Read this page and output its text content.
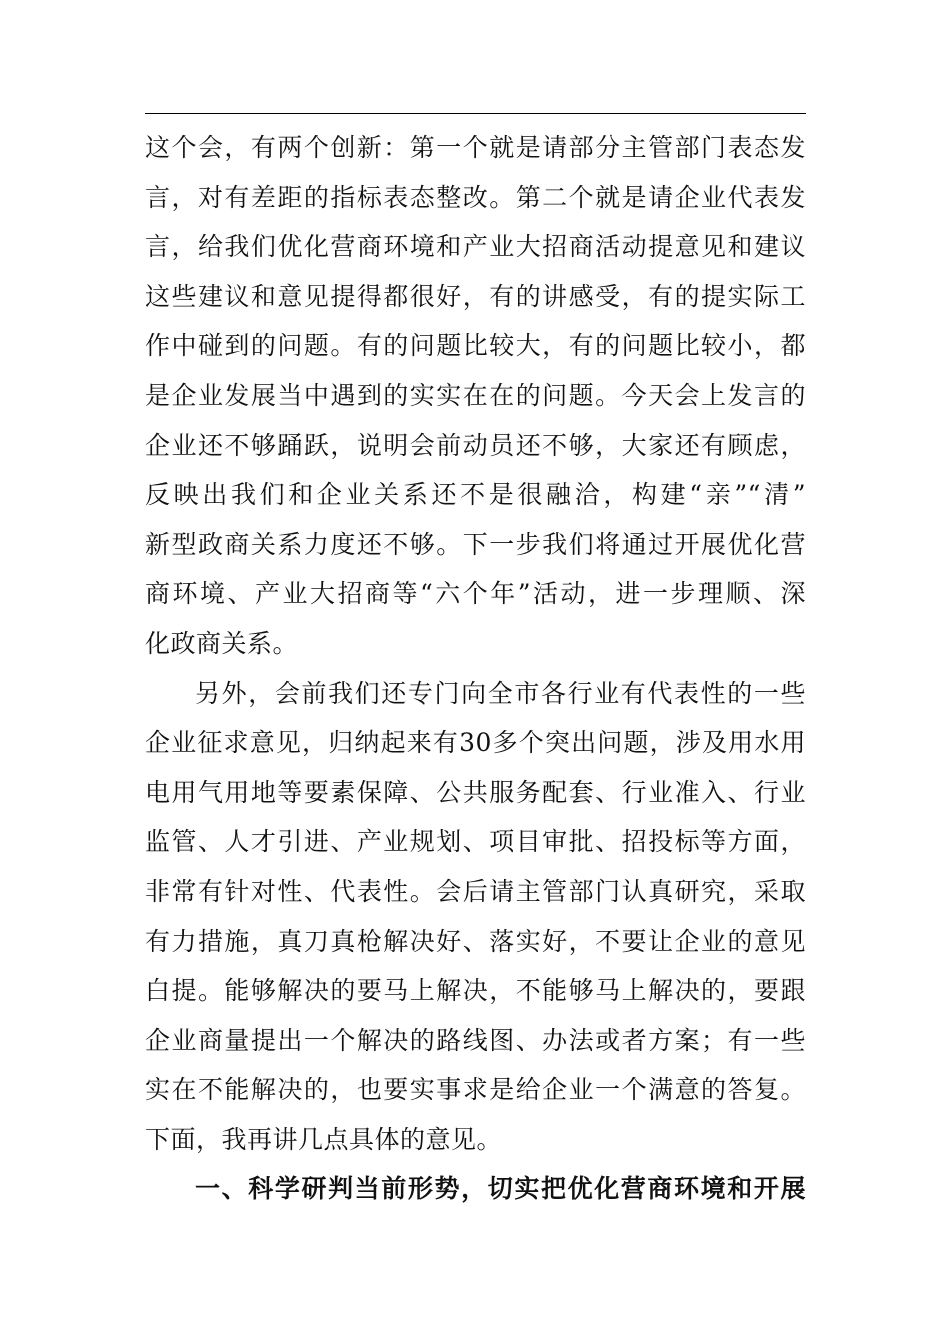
这个会，有两个创新：第一个就是请部分主管部门表态发
言，对有差距的指标表态整改。第二个就是请企业代表发
言，给我们优化营商环境和产业大招商活动提意见和建议
这些建议和意见提得都很好，有的讲感受，有的提实际工
作中碰到的问题。有的问题比较大，有的问题比较小，都
是企业发展当中遇到的实实在在的问题。今天会上发言的
企业还不够踊跃，说明会前动员还不够，大家还有顾虑，
反映出我们和企业关系还不是很融洽，构建“亲”“清”
新型政商关系力度还不够。下一步我们将通过开展优化营
商环境、产业大招商等“六个年”活动，进一步理顺、深
化政商关系。
另外，会前我们还专门向全市各行业有代表性的一些
企业征求意见，归纳起来有30多个突出问题，涉及用水用
电用气用地等要素保障、公共服务配套、行业准入、行业
监管、人才引进、产业规划、项目审批、招投标等方面，
非常有针对性、代表性。会后请主管部门认真研究，采取
有力措施，真刀真枪解决好、落实好，不要让企业的意见
白提。能够解决的要马上解决，不能够马上解决的，要跟
企业商量提出一个解决的路线图、办法或者方案；有一些
实在不能解决的，也要实事求是给企业一个满意的答复。
下面，我再讲几点具体的意见。
一、科学研判当前形势，切实把优化营商环境和开展
